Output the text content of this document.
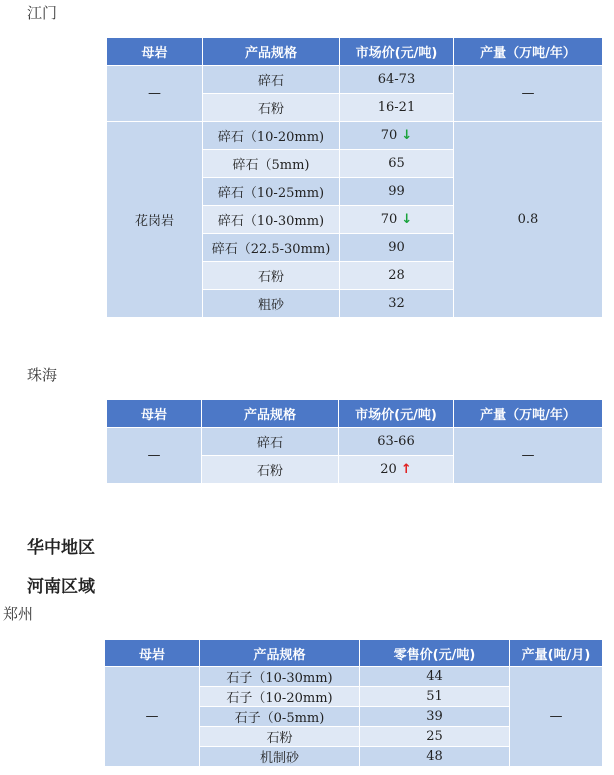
江门
母岩	产品规格	市场价(元/吨)	产量（万吨/年）
—	碎石	64-73	—
	石粉	16-21	
花岗岩	碎石（10-20mm)	70 ↓	0.8
	碎石（5mm)	65	
	碎石（10-25mm)	99	
	碎石（10-30mm)	70 ↓	
	碎石（22.5-30mm)	90	
	石粉	28	
	粗砂	32	
珠海
母岩	产品规格	市场价(元/吨)	产量（万吨/年）
—	碎石	63-66	—
	石粉	20 ↑	
华中地区
河南区域
郑州
母岩	产品规格	零售价(元/吨)	产量(吨/月)
—	石子（10-30mm)	44	—
	石子（10-20mm)	51	
	石子（0-5mm)	39	
	石粉	25	
	机制砂	48	
